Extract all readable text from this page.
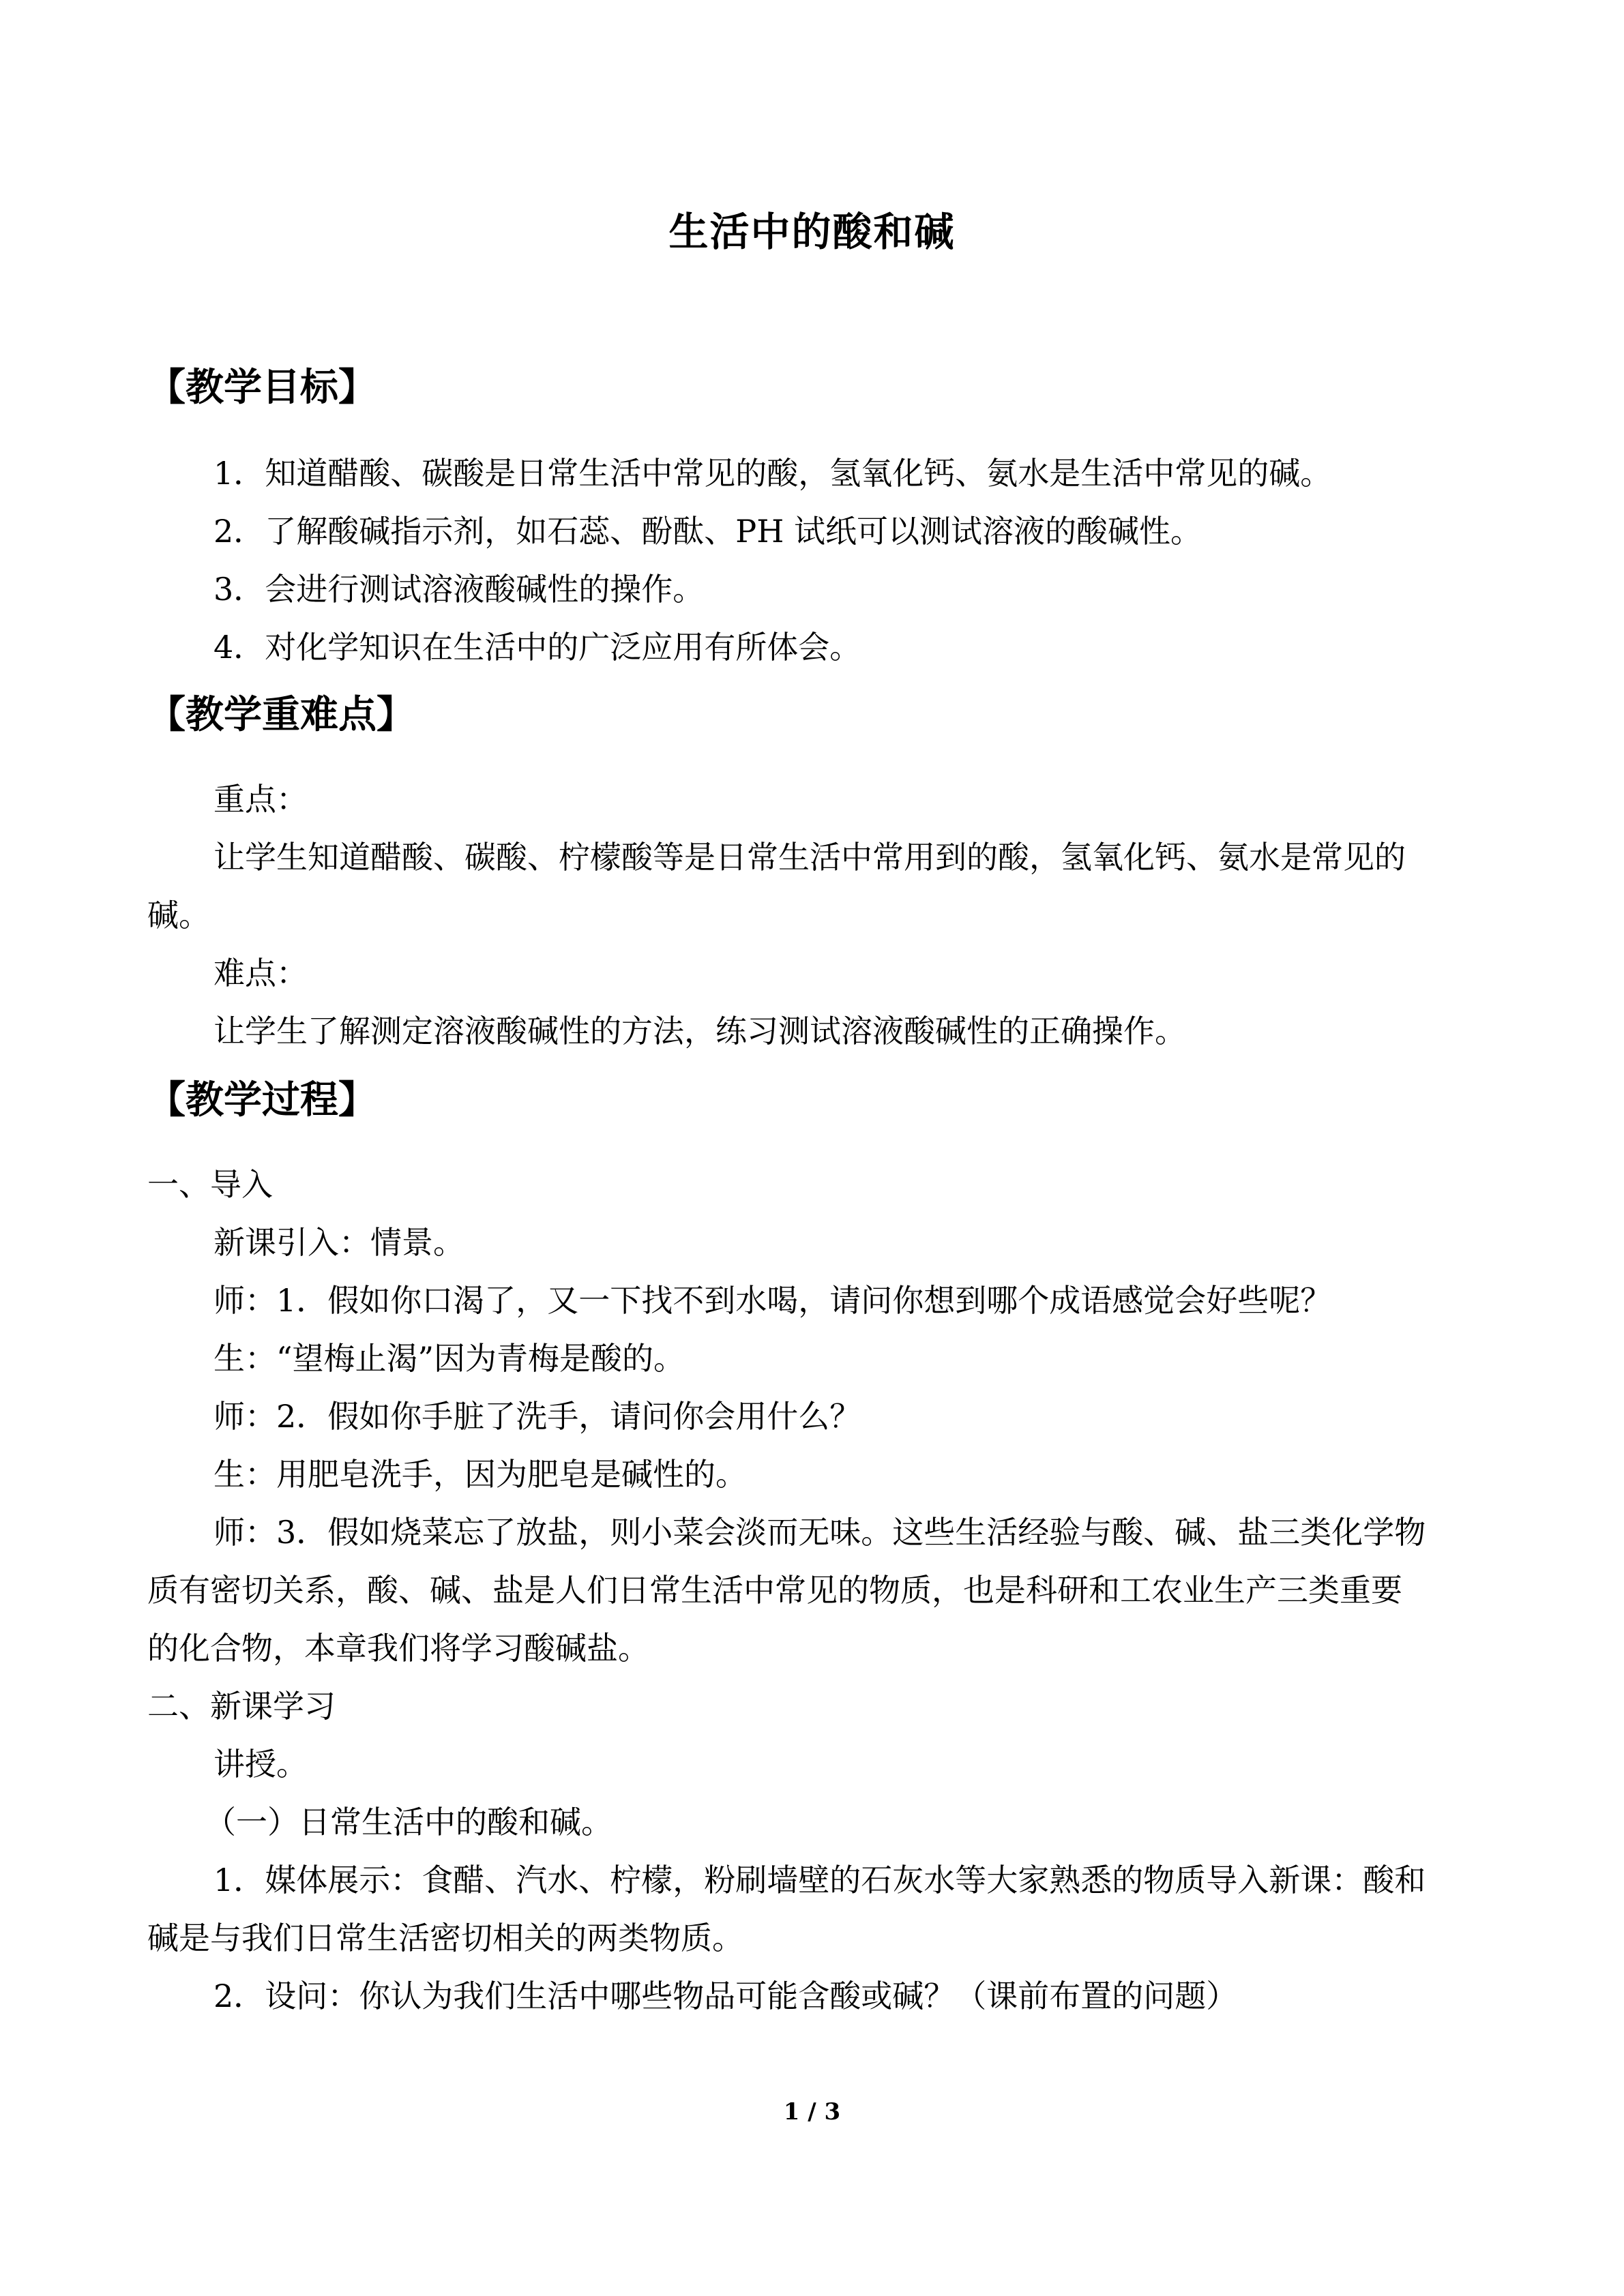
生活中的酸和碱
【教学目标】
1．知道醋酸、碳酸是日常生活中常见的酸，氢氧化钙、氨水是生活中常见的碱。
2．了解酸碱指示剂，如石蕊、酚酞、PH 试纸可以测试溶液的酸碱性。
3．会进行测试溶液酸碱性的操作。
4．对化学知识在生活中的广泛应用有所体会。
【教学重难点】
重点：
让学生知道醋酸、碳酸、柠檬酸等是日常生活中常用到的酸，氢氧化钙、氨水是常见的
碱。
难点：
让学生了解测定溶液酸碱性的方法，练习测试溶液酸碱性的正确操作。
【教学过程】
一、导入
新课引入：情景。
师：1．假如你口渴了，又一下找不到水喝，请问你想到哪个成语感觉会好些呢？
生：“望梅止渴”因为青梅是酸的。
师：2．假如你手脏了洗手，请问你会用什么？
生：用肥皂洗手，因为肥皂是碱性的。
师：3．假如烧菜忘了放盐，则小菜会淡而无味。这些生活经验与酸、碱、盐三类化学物
质有密切关系，酸、碱、盐是人们日常生活中常见的物质，也是科研和工农业生产三类重要
的化合物，本章我们将学习酸碱盐。
二、新课学习
讲授。
（一）日常生活中的酸和碱。
1．媒体展示：食醋、汽水、柠檬，粉刷墙壁的石灰水等大家熟悉的物质导入新课：酸和
碱是与我们日常生活密切相关的两类物质。
2．设问：你认为我们生活中哪些物品可能含酸或碱？（课前布置的问题）
1 / 3
